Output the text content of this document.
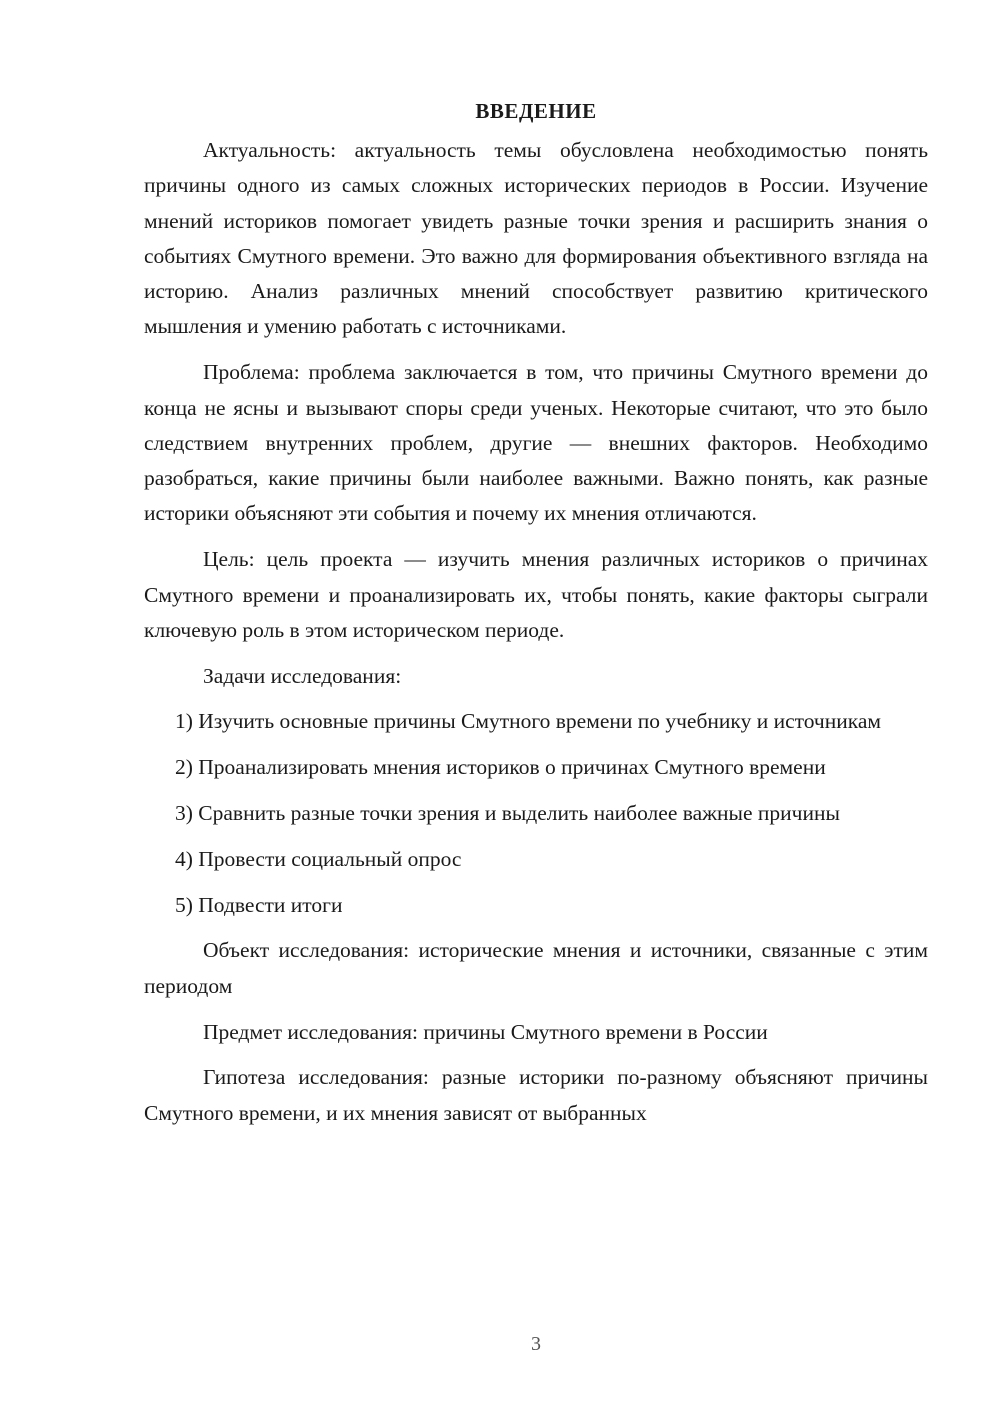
ВВЕДЕНИЕ

Актуальность: актуальность темы обусловлена необходимостью понять причины одного из самых сложных исторических периодов в России. Изучение мнений историков помогает увидеть разные точки зрения и расширить знания о событиях Смутного времени. Это важно для формирования объективного взгляда на историю. Анализ различных мнений способствует развитию критического мышления и умению работать с источниками.

Проблема: проблема заключается в том, что причины Смутного времени до конца не ясны и вызывают споры среди ученых. Некоторые считают, что это было следствием внутренних проблем, другие — внешних факторов. Необходимо разобраться, какие причины были наиболее важными. Важно понять, как разные историки объясняют эти события и почему их мнения отличаются.

Цель: цель проекта — изучить мнения различных историков о причинах Смутного времени и проанализировать их, чтобы понять, какие факторы сыграли ключевую роль в этом историческом периоде.

Задачи исследования:

1) Изучить основные причины Смутного времени по учебнику и источникам

2) Проанализировать мнения историков о причинах Смутного времени

3) Сравнить разные точки зрения и выделить наиболее важные причины

4) Провести социальный опрос

5) Подвести итоги

Объект исследования: исторические мнения и источники, связанные с этим периодом

Предмет исследования: причины Смутного времени в России

Гипотеза исследования: разные историки по-разному объясняют причины Смутного времени, и их мнения зависят от выбранных

3
